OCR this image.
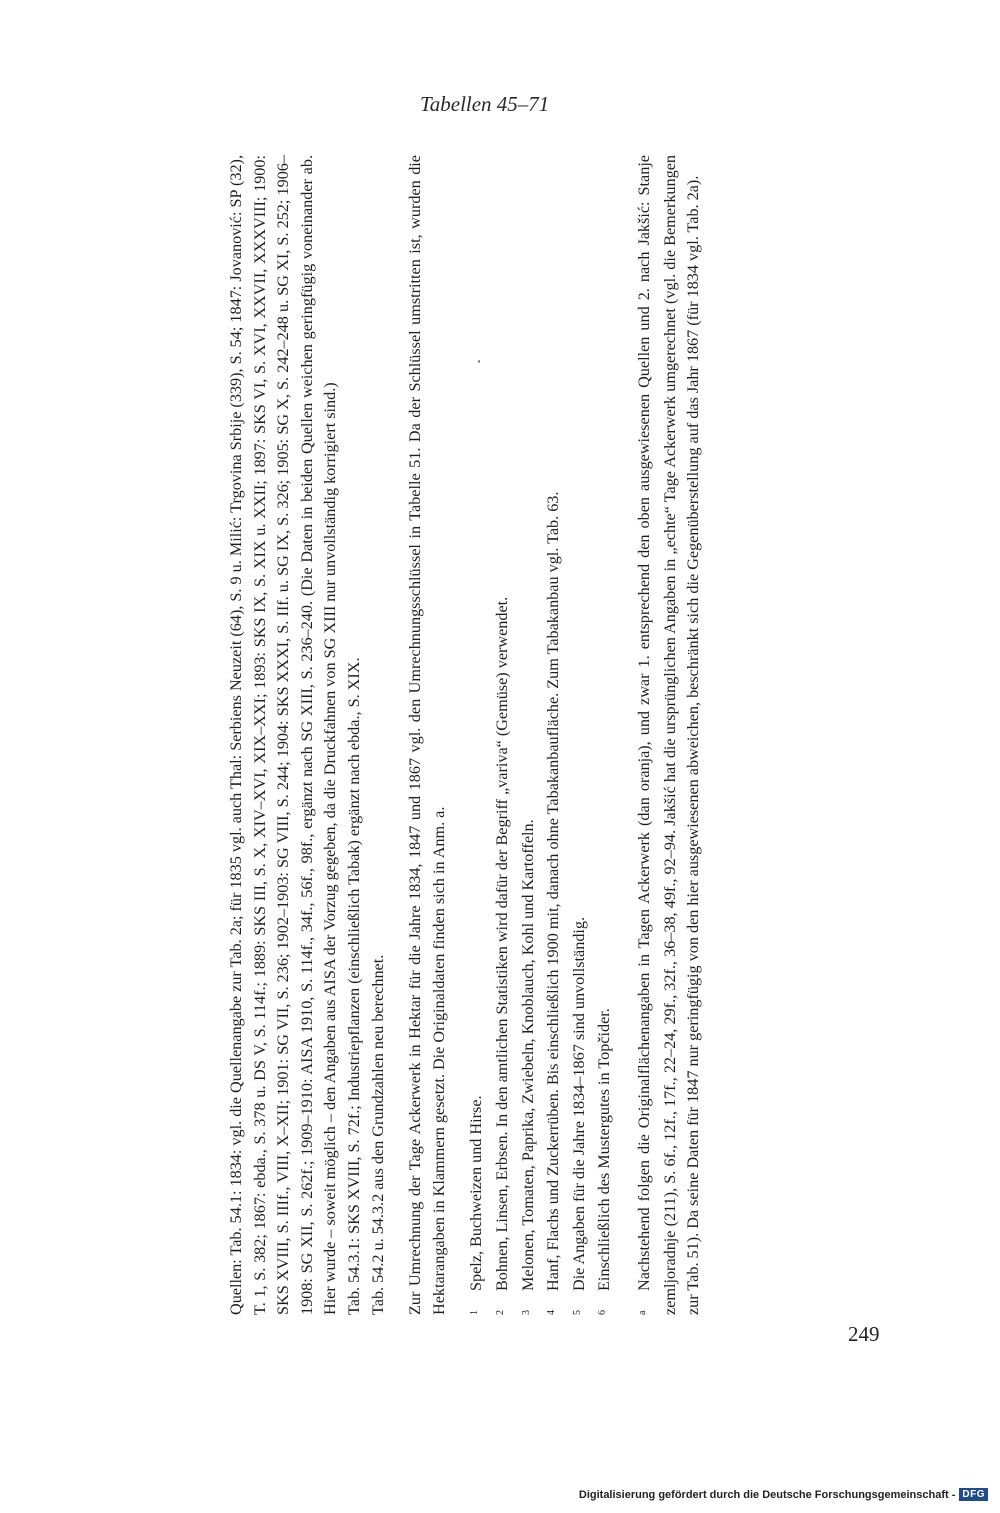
Tabellen 45–71

Quellen: Tab. 54.1: 1834: vgl. die Quellenangabe zur Tab. 2a; für 1835 vgl. auch Thal: Serbiens Neuzeit (64), S. 9 u. Milić: Trgovina Srbije (339), S. 54; 1847: Jovanović: SP (32), T. 1, S. 382; 1867: ebda., S. 378 u. DS V, S. 114f.; 1889: SKS III, S. X, XIV–XVI, XIX–XXI; 1893: SKS IX, S. XIX u. XXII; 1897: SKS VI, S. XVI, XXVII, XXXVIII; 1900: SKS XVIII, S. IIIf., VIII, X–XII; 1901: SG VII, S. 236; 1902–1903: SG VIII, S. 244; 1904: SKS XXXI, S. IIf. u. SG IX, S. 326; 1905: SG X, S. 242–248 u. SG XI, S. 252; 1906–1908: SG XII, S. 262f.; 1909–1910: AISA 1910, S. 114f., 34f., 56f., 98f., ergänzt nach SG XIII, S. 236–240. (Die Daten in beiden Quellen weichen geringfügig voneinander ab. Hier wurde – soweit möglich – den Angaben aus AISA der Vorzug gegeben, da die Druckfahnen von SG XIII nur unvollständig korrigiert sind.) Tab. 54.3.1: SKS XVIII, S. 72f.; Industriepflanzen (einschließlich Tabak) ergänzt nach ebda., S. XIX. Tab. 54.2 u. 54.3.2 aus den Grundzahlen neu berechnet. Zur Umrechnung der Tage Ackerwerk in Hektar für die Jahre 1834, 1847 und 1867 vgl. den Umrechnungsschlüssel in Tabelle 51. Da der Schlüssel umstritten ist, wurden die Hektarangaben in Klammern gesetzt. Die Originaldaten finden sich in Anm. a.	1
Spelz, Buchweizen und Hirse.
2
Bohnen, Linsen, Erbsen. In den amtlichen Statistiken wird dafür der Begriff „variva“ (Gemüse) verwendet.
3
Melonen, Tomaten, Paprika, Zwiebeln, Knoblauch, Kohl und Kartoffeln.
4
Hanf, Flachs und Zuckerrüben. Bis einschließlich 1900 mit, danach ohne Tabakanbaufläche. Zum Tabakanbau vgl. Tab. 63.
5
Die Angaben für die Jahre 1834–1867 sind unvollständig.
6
Einschließlich des Mustergutes in Topčider.
aNachstehend folgen die Originalflächenangaben in Tagen Ackerwerk (dan oranja), und zwar 1. entsprechend den oben ausgewiesenen Quellen und 2. nach Jakšić: Stanje zemljoradnje (211), S. 6f., 12f., 17f., 22–24, 29f., 32f., 36–38, 49f., 92–94. Jakšić hat die ursprünglichen Angaben in „echte“ Tage Ackerwerk umgerechnet (vgl. die Bemerkungen zur Tab. 51). Da seine Daten für 1847 nur geringfügig von den hier ausgewiesenen abweichen, beschränkt sich die Gegenüberstellung auf das Jahr 1867 (für 1834 vgl. Tab. 2a).
249
Digitalisierung gefördert durch die Deutsche Forschungsgemeinschaft - DFG
